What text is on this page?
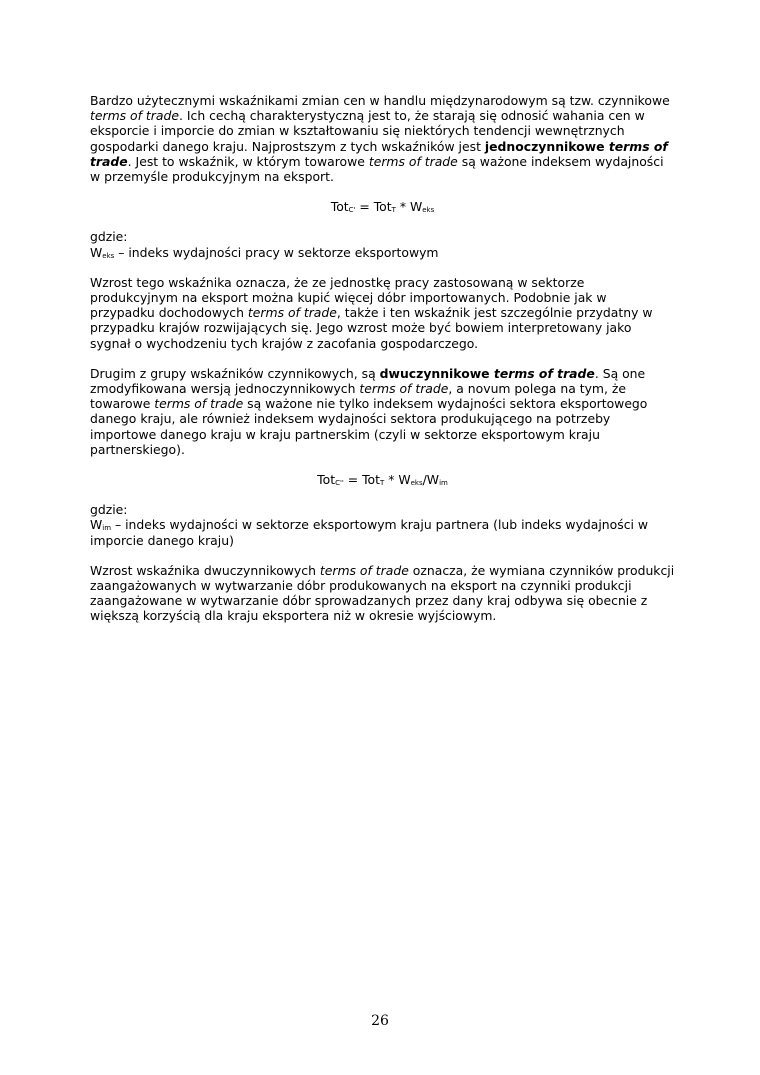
Bardzo użytecznymi wskaźnikami zmian cen w handlu międzynarodowym są tzw. czynnikowe terms of trade. Ich cechą charakterystyczną jest to, że starają się odnosić wahania cen w eksporcie i imporcie do zmian w kształtowaniu się niektórych tendencji wewnętrznych gospodarki danego kraju. Najprostszym z tych wskaźników jest jednoczynnikowe terms of trade. Jest to wskaźnik, w którym towarowe terms of trade są ważone indeksem wydajności w przemyśle produkcyjnym na eksport.

$Tot_{C'} = Tot_T * W_{eks}$

gdzie:

$W_{eks}$ – indeks wydajności pracy w sektorze eksportowym

Wzrost tego wskaźnika oznacza, że ze jednostkę pracy zastosowaną w sektorze produkcyjnym na eksport można kupić więcej dóbr importowanych. Podobnie jak w przypadku dochodowych terms of trade, także i ten wskaźnik jest szczególnie przydatny w przypadku krajów rozwijających się. Jego wzrost może być bowiem interpretowany jako sygnał o wychodzeniu tych krajów z zacofania gospodarczego.

Drugim z grupy wskaźników czynnikowych, są dwuczynnikowe terms of trade. Są one zmodyfikowana wersją jednoczynnikowych terms of trade, a novum polega na tym, że towarowe terms of trade są ważone nie tylko indeksem wydajności sektora eksportowego danego kraju, ale również indeksem wydajności sektora produkującego na potrzeby importowe danego kraju w kraju partnerskim (czyli w sektorze eksportowym kraju partnerskiego).

$Tot_{C''} = Tot_T * W_{eks}/W_{im}$

gdzie:

$W_{im}$ – indeks wydajności w sektorze eksportowym kraju partnera (lub indeks wydajności w imporcie danego kraju)

Wzrost wskaźnika dwuczynnikowych terms of trade oznacza, że wymiana czynników produkcji zaangażowanych w wytwarzanie dóbr produkowanych na eksport na czynniki produkcji zaangażowane w wytwarzanie dóbr sprowadzanych przez dany kraj odbywa się obecnie z większą korzyścią dla kraju eksportera niż w okresie wyjściowym.

26
